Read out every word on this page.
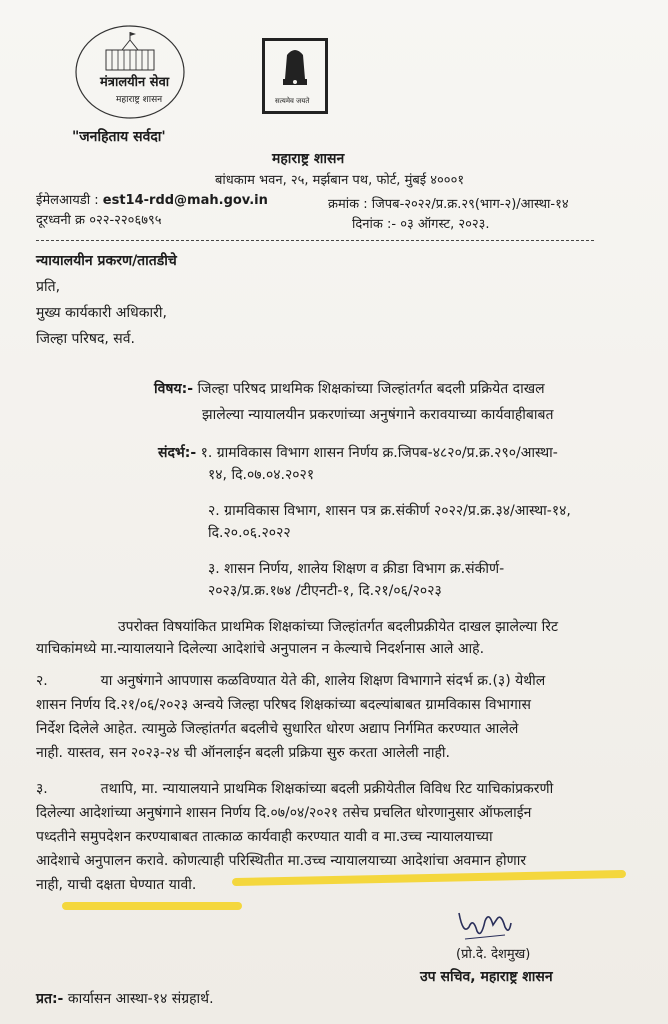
मंत्रालयीन सेवा
महाराष्ट्र शासन	सत्यमेव जयते
"जनहिताय सर्वदा'
महाराष्ट्र शासन
बांधकाम भवन, २५, मर्झबान पथ, फोर्ट, मुंबई ४०००१
ईमेलआयडी : est14-rdd@mah.gov.in
दूरध्वनी क्र ०२२-२२०६७९५
क्रमांक : जिपब-२०२२/प्र.क्र.२९(भाग-२)/आस्था-१४
दिनांक :- ०३ ऑगस्ट, २०२३.
न्यायालयीन प्रकरण/तातडीचे
प्रति,
मुख्य कार्यकारी अधिकारी,
जिल्हा परिषद, सर्व.
विषय:- जिल्हा परिषद प्राथमिक शिक्षकांच्या जिल्हांतर्गत बदली प्रक्रियेत दाखल
झालेल्या न्यायालयीन प्रकरणांच्या अनुषंगाने करावयाच्या कार्यवाहीबाबत
संदर्भ:- १. ग्रामविकास विभाग शासन निर्णय क्र.जिपब-४८२०/प्र.क्र.२९०/आस्था-
१४, दि.०७.०४.२०२१
२. ग्रामविकास विभाग, शासन पत्र क्र.संकीर्ण २०२२/प्र.क्र.३४/आस्था-१४,
दि.२०.०६.२०२२
३. शासन निर्णय, शालेय शिक्षण व क्रीडा विभाग क्र.संकीर्ण-
२०२३/प्र.क्र.१७४ /टीएनटी-१, दि.२१/०६/२०२३
उपरोक्त विषयांकित प्राथमिक शिक्षकांच्या जिल्हांतर्गत बदलीप्रक्रीयेत दाखल झालेल्या रिट
याचिकांमध्ये मा.न्यायालयाने दिलेल्या आदेशांचे अनुपालन न केल्याचे निदर्शनास आले आहे.
२.	या अनुषंगाने आपणास कळविण्यात येते की, शालेय शिक्षण विभागाने संदर्भ क्र.(३) येथील
शासन निर्णय दि.२१/०६/२०२३ अन्वये जिल्हा परिषद शिक्षकांच्या बदल्यांबाबत ग्रामविकास विभागास
निर्देश दिलेले आहेत. त्यामुळे जिल्हांतर्गत बदलीचे सुधारित धोरण अद्याप निर्गमित करण्यात आलेले
नाही. यास्तव, सन २०२३-२४ ची ऑनलाईन बदली प्रक्रिया सुरु करता आलेली नाही.
३.	तथापि, मा. न्यायालयाने प्राथमिक शिक्षकांच्या बदली प्रक्रीयेतील विविध रिट याचिकांप्रकरणी
दिलेल्या आदेशांच्या अनुषंगाने शासन निर्णय दि.०७/०४/२०२१ तसेच प्रचलित धोरणानुसार ऑफलाईन
पध्दतीने समुपदेशन करण्याबाबत तात्काळ कार्यवाही करण्यात यावी व मा.उच्च न्यायालयाच्या
आदेशाचे अनुपालन करावे. कोणत्याही परिस्थितीत मा.उच्च न्यायालयाच्या आदेशांचा अवमान होणार
नाही, याची दक्षता घेण्यात यावी.
(प्रो.दे. देशमुख)
उप सचिव, महाराष्ट्र शासन
प्रत:- कार्यासन आस्था-१४ संग्रहार्थ.
